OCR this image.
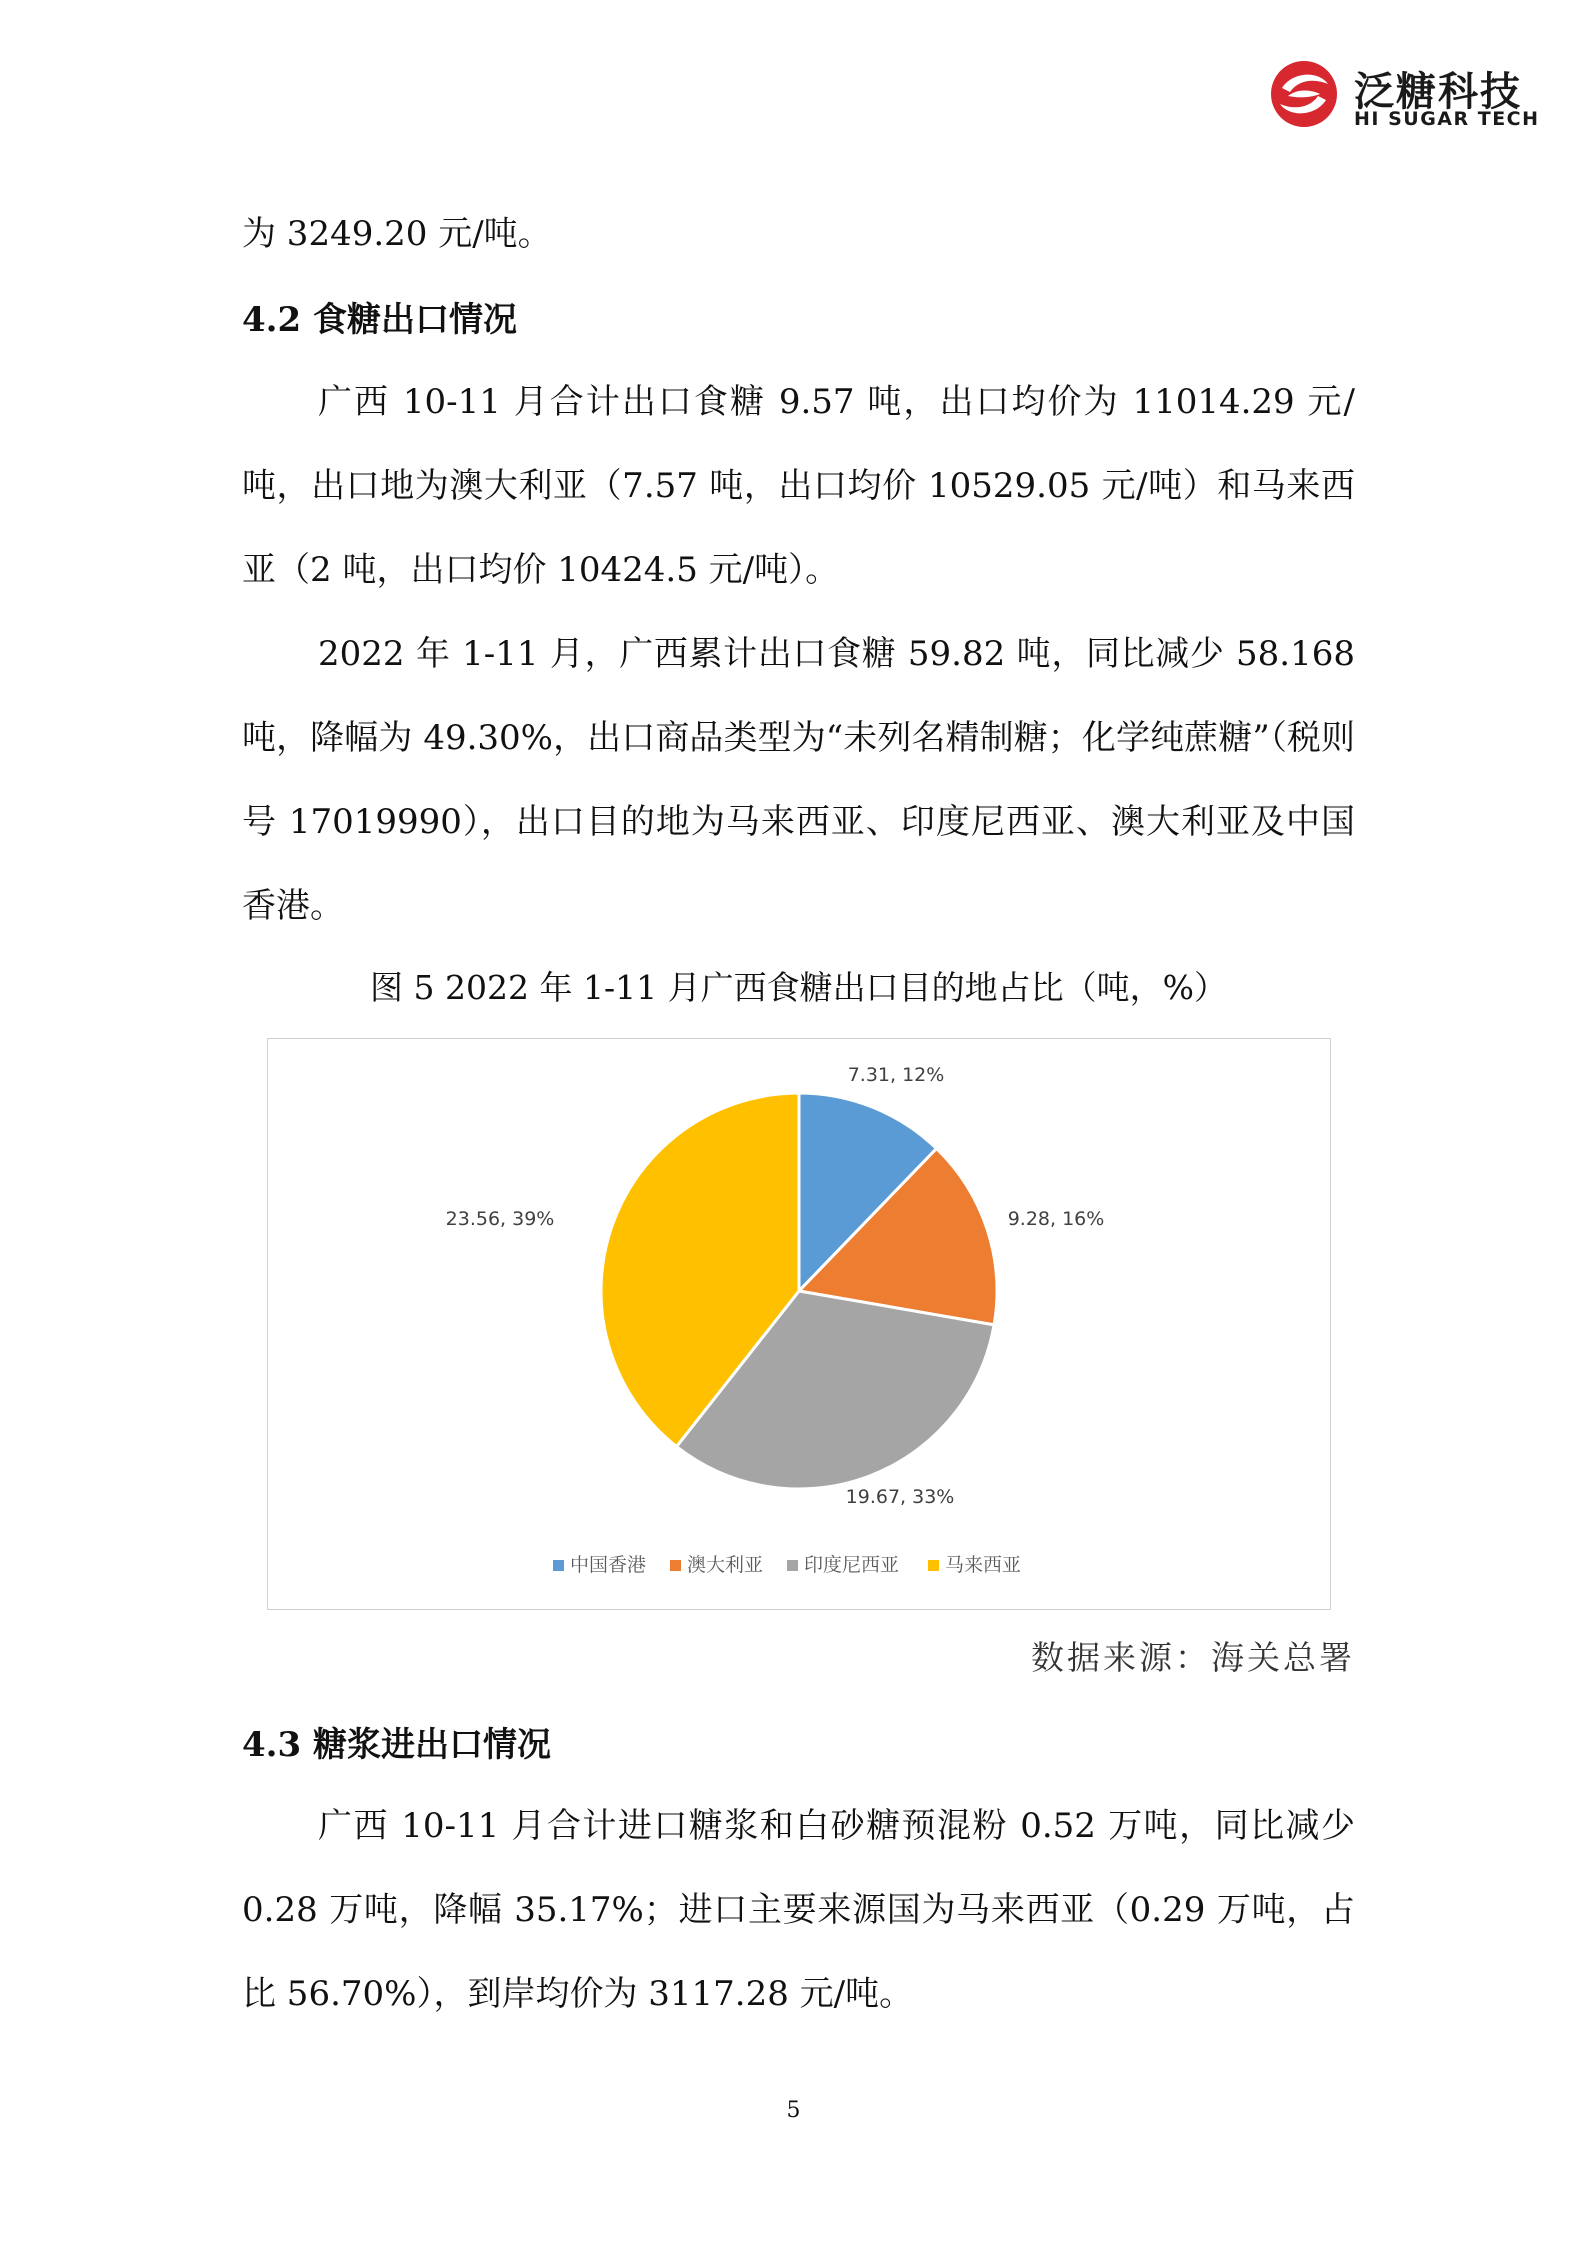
泛糖科技
HI SUGAR TECH

为 3249.20 元/吨。

4.2 食糖出口情况

广西 10-11 月合计出口食糖 9.57 吨，出口均价为 11014.29 元/吨，出口地为澳大利亚（7.57 吨，出口均价 10529.05 元/吨）和马来西亚（2 吨，出口均价 10424.5 元/吨）。

2022 年 1-11 月，广西累计出口食糖 59.82 吨，同比减少 58.168 吨，降幅为 49.30%，出口商品类型为“未列名精制糖；化学纯蔗糖”（税则号 17019990），出口目的地为马来西亚、印度尼西亚、澳大利亚及中国香港。

图 5 2022 年 1-11 月广西食糖出口目的地占比（吨，%）
7.31, 12%
9.28, 16%
19.67, 33%
23.56, 39%
中国香港 澳大利亚 印度尼西亚 马来西亚
数据来源：海关总署
4.3 糖浆进出口情况

广西 10-11 月合计进口糖浆和白砂糖预混粉 0.52 万吨，同比减少 0.28 万吨，降幅 35.17%；进口主要来源国为马来西亚（0.29 万吨，占比 56.70%），到岸均价为 3117.28 元/吨。

5
